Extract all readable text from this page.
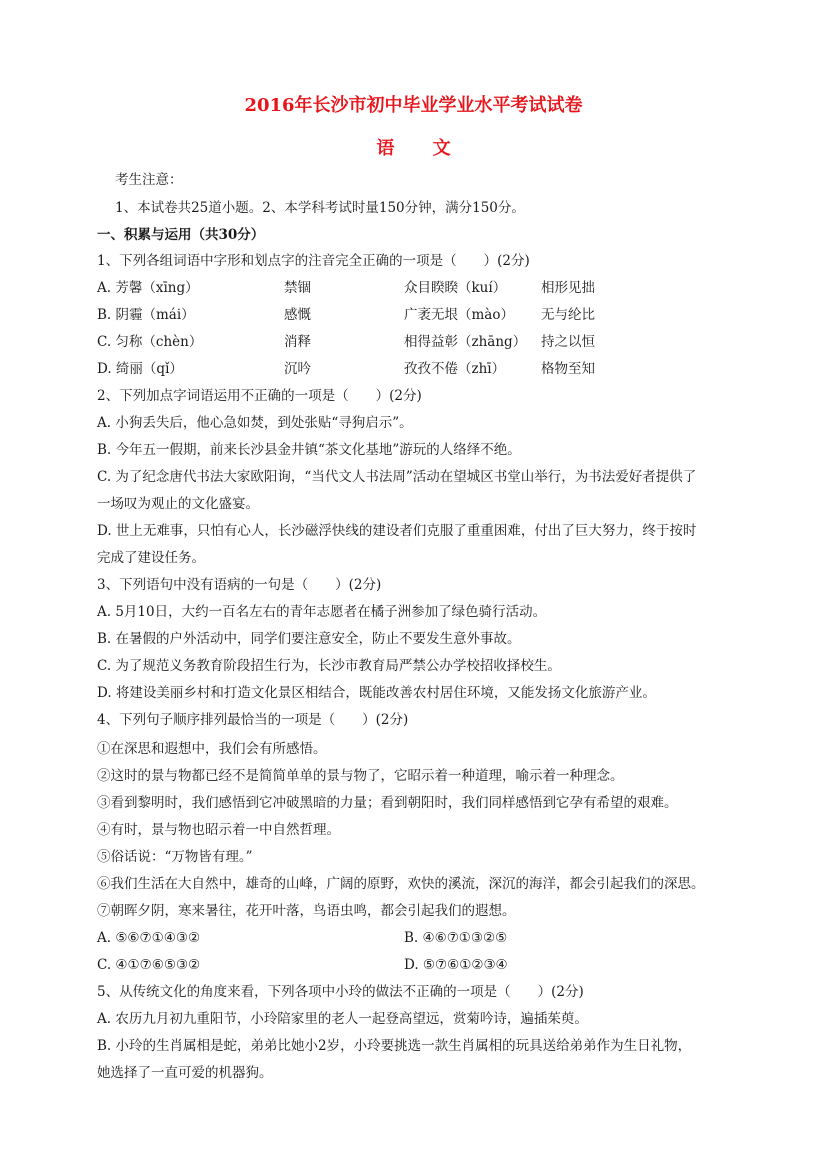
2016年长沙市初中毕业学业水平考试试卷
语 文
考生注意：
1、本试卷共25道小题。2、本学科考试时量150分钟，满分150分。
一、积累与运用（共30分）
1、下列各组词语中字形和划点字的注音完全正确的一项是（　　）(2分)
A. 芳馨（xīng）	禁锢	众目睽睽（kuí）	相形见拙
B. 阴霾（mái）	感慨	广袤无垠（mào） 无与纶比
C. 匀称（chèn）	消释	相得益彰（zhāng） 持之以恒
D. 绮丽（qǐ）	沉吟	孜孜不倦（zhī）	格物至知
2、下列加点字词语运用不正确的一项是（　　）(2分)
A. 小狗丢失后，他心急如焚，到处张贴“寻狗启示”。
B. 今年五一假期，前来长沙县金井镇“茶文化基地”游玩的人络绎不绝。
C. 为了纪念唐代书法大家欧阳询，“当代文人书法周”活动在望城区书堂山举行，为书法爱好者提供了
一场叹为观止的文化盛宴。
D. 世上无难事，只怕有心人，长沙磁浮快线的建设者们克服了重重困难，付出了巨大努力，终于按时
完成了建设任务。
3、下列语句中没有语病的一句是（　　）(2分)
A. 5月10日，大约一百名左右的青年志愿者在橘子洲参加了绿色骑行活动。
B. 在暑假的户外活动中，同学们要注意安全，防止不要发生意外事故。
C. 为了规范义务教育阶段招生行为，长沙市教育局严禁公办学校招收择校生。
D. 将建设美丽乡村和打造文化景区相结合，既能改善农村居住环境，又能发扬文化旅游产业。
4、下列句子顺序排列最恰当的一项是（　　）(2分)
①在深思和遐想中，我们会有所感悟。
②这时的景与物都已经不是简简单单的景与物了，它昭示着一种道理，喻示着一种理念。
③看到黎明时，我们感悟到它冲破黑暗的力量；看到朝阳时，我们同样感悟到它孕有希望的艰难。
④有时，景与物也昭示着一中自然哲理。
⑤俗话说：“万物皆有理。”
⑥我们生活在大自然中，雄奇的山峰，广阔的原野，欢快的溪流，深沉的海洋，都会引起我们的深思。
⑦朝晖夕阴，寒来暑往，花开叶落，鸟语虫鸣，都会引起我们的遐想。
A. ⑤⑥⑦①④③②	B. ④⑥⑦①③②⑤
C. ④①⑦⑥⑤③②	D. ⑤⑦⑥①②③④
5、从传统文化的角度来看，下列各项中小玲的做法不正确的一项是（　　）(2分)
A. 农历九月初九重阳节，小玲陪家里的老人一起登高望远，赏菊吟诗，遍插茱萸。
B. 小玲的生肖属相是蛇，弟弟比她小2岁，小玲要挑选一款生肖属相的玩具送给弟弟作为生日礼物，
她选择了一直可爱的机器狗。
